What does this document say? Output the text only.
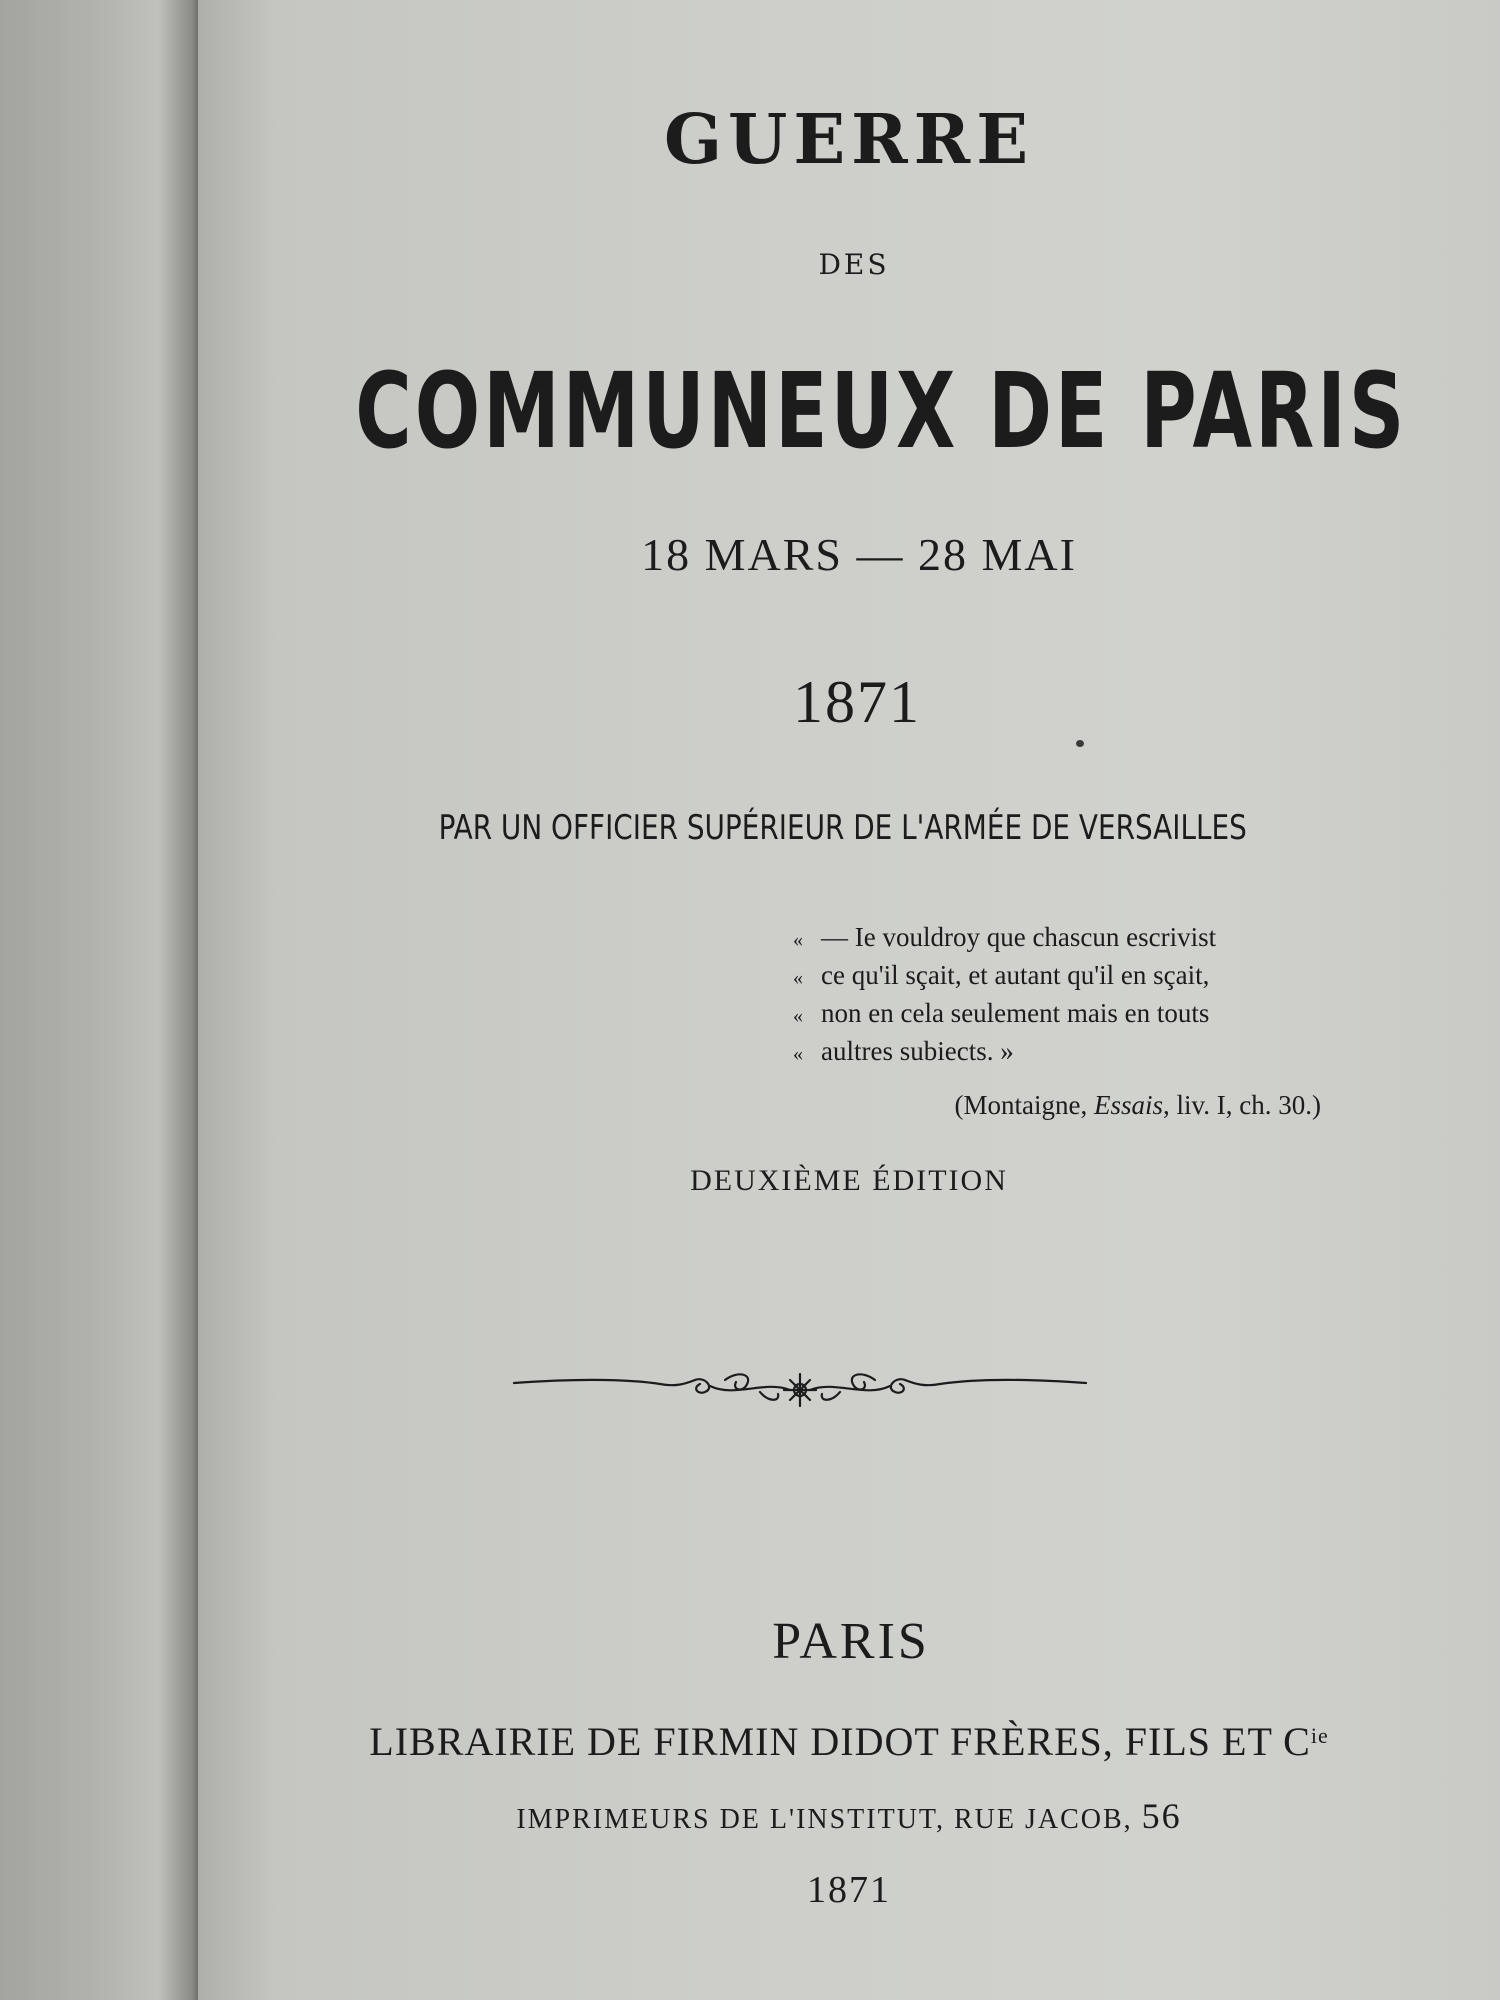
GUERRE
DES
COMMUNEUX DE PARIS
18 MARS — 28 MAI
1871
PAR UN OFFICIER SUPÉRIEUR DE L'ARMÉE DE VERSAILLES
« — Ie vouldroy que chascun escrivist
« ce qu'il sçait, et autant qu'il en sçait,
« non en cela seulement mais en touts
« aultres subiects. »
(Montaigne, Essais, liv. I, ch. 30.)
DEUXIÈME ÉDITION
PARIS
LIBRAIRIE DE FIRMIN DIDOT FRÈRES, FILS ET $C^{ie}$
IMPRIMEURS DE L'INSTITUT, RUE JACOB, 56
1871
